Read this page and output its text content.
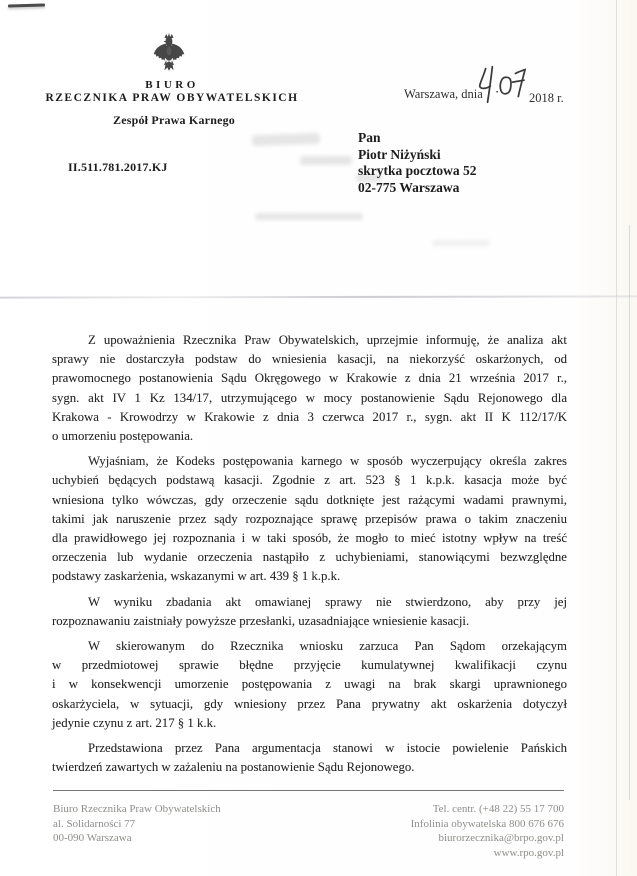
BIURO
RZECZNIKA PRAW OBYWATELSKICH
Zespół Prawa Karnego
Warszawa, dnia	2018 r.
II.511.781.2017.KJ
Pan
Piotr Niżyński
skrytka pocztowa 52
02-775 Warszawa
Z upoważnienia Rzecznika Praw Obywatelskich, uprzejmie informuję, że analiza akt
sprawy nie dostarczyła podstaw do wniesienia kasacji, na niekorzyść oskarżonych, od
prawomocnego postanowienia Sądu Okręgowego w Krakowie z dnia 21 września 2017 r.,
sygn. akt IV 1 Kz 134/17, utrzymującego w mocy postanowienie Sądu Rejonowego dla
Krakowa - Krowodrzy w Krakowie z dnia 3 czerwca 2017 r., sygn. akt II K 112/17/K
o umorzeniu postępowania.
Wyjaśniam, że Kodeks postępowania karnego w sposób wyczerpujący określa zakres
uchybień będących podstawą kasacji. Zgodnie z art. 523 § 1 k.p.k. kasacja może być
wniesiona tylko wówczas, gdy orzeczenie sądu dotknięte jest rażącymi wadami prawnymi,
takimi jak naruszenie przez sądy rozpoznające sprawę przepisów prawa o takim znaczeniu
dla prawidłowego jej rozpoznania i w taki sposób, że mogło to mieć istotny wpływ na treść
orzeczenia lub wydanie orzeczenia nastąpiło z uchybieniami, stanowiącymi bezwzględne
podstawy zaskarżenia, wskazanymi w art. 439 § 1 k.p.k.
W wyniku zbadania akt omawianej sprawy nie stwierdzono, aby przy jej
rozpoznawaniu zaistniały powyższe przesłanki, uzasadniające wniesienie kasacji.
W skierowanym do Rzecznika wniosku zarzuca Pan Sądom orzekającym
w przedmiotowej sprawie błędne przyjęcie kumulatywnej kwalifikacji czynu
i w konsekwencji umorzenie postępowania z uwagi na brak skargi uprawnionego
oskarżyciela, w sytuacji, gdy wniesiony przez Pana prywatny akt oskarżenia dotyczył
jedynie czynu z art. 217 § 1 k.k.
Przedstawiona przez Pana argumentacja stanowi w istocie powielenie Pańskich
twierdzeń zawartych w zażaleniu na postanowienie Sądu Rejonowego.
Biuro Rzecznika Praw Obywatelskich
al. Solidarności 77
00-090 Warszawa
Tel. centr. (+48 22) 55 17 700
Infolinia obywatelska 800 676 676
biurorzecznika@brpo.gov.pl
www.rpo.gov.pl
